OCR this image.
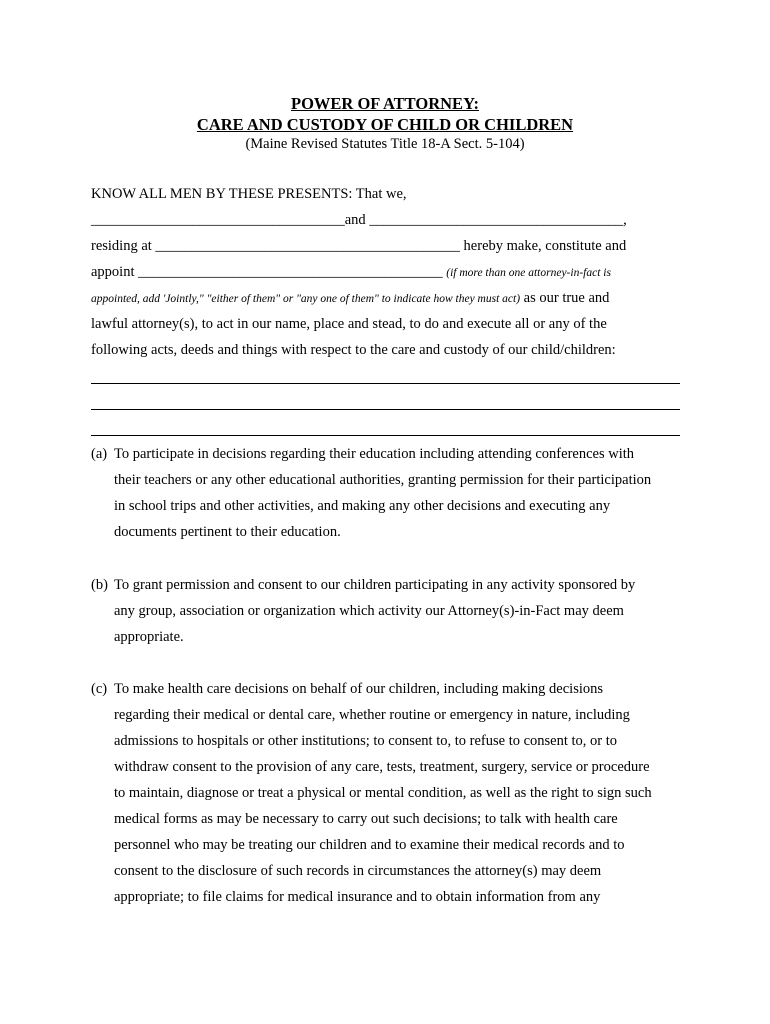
POWER OF ATTORNEY:
CARE AND CUSTODY OF CHILD OR CHILDREN
(Maine Revised Statutes Title 18-A Sect. 5-104)
KNOW ALL MEN BY THESE PRESENTS: That we,
___________________________________and ___________________________________,
residing at __________________________________________ hereby make, constitute and
appoint __________________________________________ (if more than one attorney-in-fact is
appointed, add 'Jointly," "either of them" or "any one of them" to indicate how they must act) as our true and
lawful attorney(s), to act in our name, place and stead, to do and execute all or any of the
following acts, deeds and things with respect to the care and custody of our child/children:
(a) To participate in decisions regarding their education including attending conferences with
their teachers or any other educational authorities, granting permission for their participation
in school trips and other activities, and making any other decisions and executing any
documents pertinent to their education.
(b) To grant permission and consent to our children participating in any activity sponsored by
any group, association or organization which activity our Attorney(s)-in-Fact may deem
appropriate.
(c) To make health care decisions on behalf of our children, including making decisions
regarding their medical or dental care, whether routine or emergency in nature, including
admissions to hospitals or other institutions; to consent to, to refuse to consent to, or to
withdraw consent to the provision of any care, tests, treatment, surgery, service or procedure
to maintain, diagnose or treat a physical or mental condition, as well as the right to sign such
medical forms as may be necessary to carry out such decisions; to talk with health care
personnel who may be treating our children and to examine their medical records and to
consent to the disclosure of such records in circumstances the attorney(s) may deem
appropriate; to file claims for medical insurance and to obtain information from any
